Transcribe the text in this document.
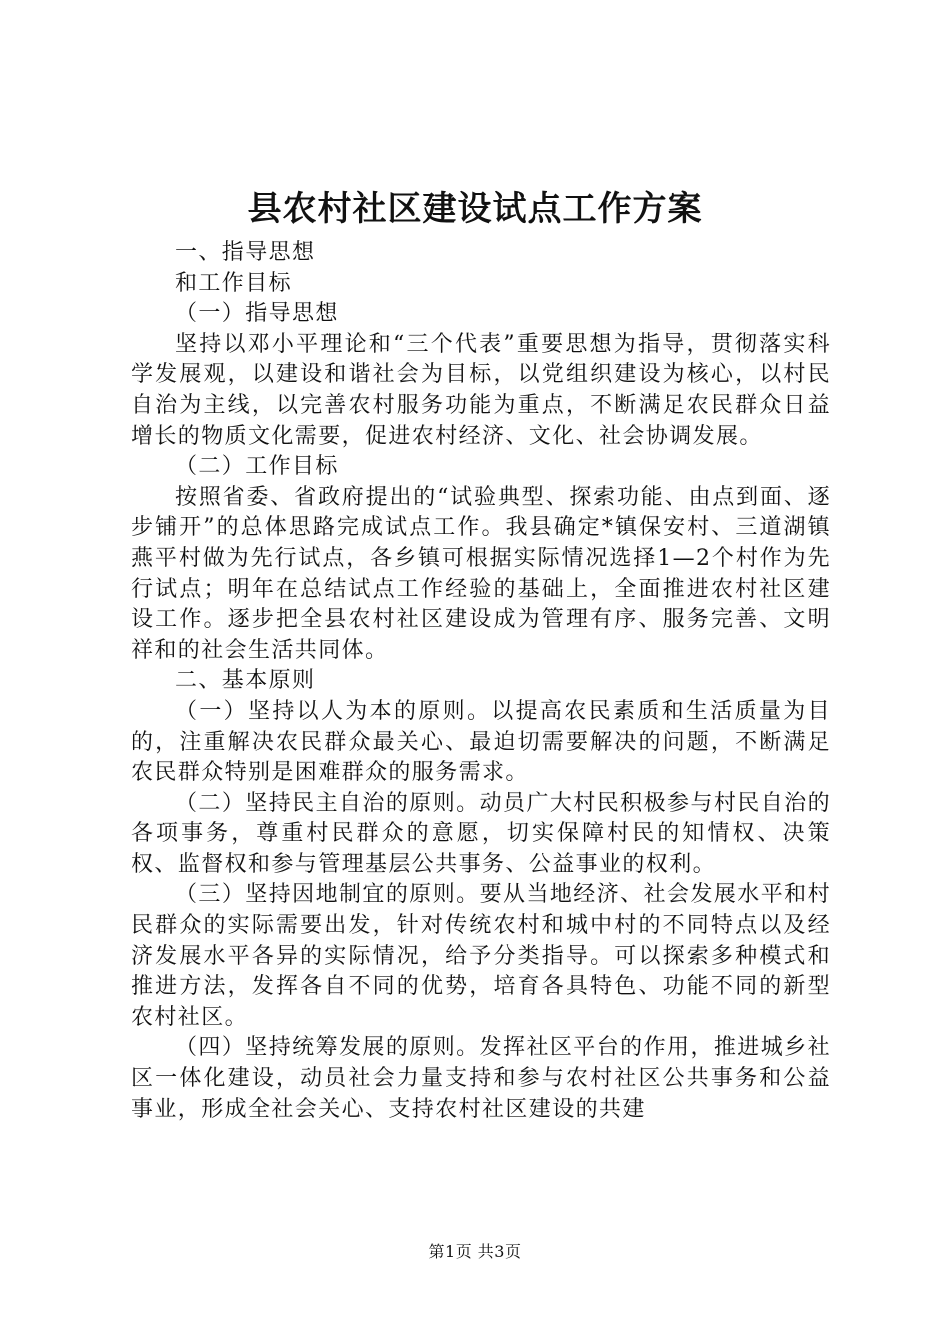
县农村社区建设试点工作方案

一、指导思想

和工作目标

（一）指导思想

坚持以邓小平理论和“三个代表”重要思想为指导，贯彻落实科学发展观，以建设和谐社会为目标，以党组织建设为核心，以村民自治为主线，以完善农村服务功能为重点，不断满足农民群众日益增长的物质文化需要，促进农村经济、文化、社会协调发展。

（二）工作目标

按照省委、省政府提出的“试验典型、探索功能、由点到面、逐步铺开”的总体思路完成试点工作。我县确定*镇保安村、三道湖镇燕平村做为先行试点，各乡镇可根据实际情况选择1—2个村作为先行试点；明年在总结试点工作经验的基础上，全面推进农村社区建设工作。逐步把全县农村社区建设成为管理有序、服务完善、文明祥和的社会生活共同体。

二、基本原则

（一）坚持以人为本的原则。以提高农民素质和生活质量为目的，注重解决农民群众最关心、最迫切需要解决的问题，不断满足农民群众特别是困难群众的服务需求。

（二）坚持民主自治的原则。动员广大村民积极参与村民自治的各项事务，尊重村民群众的意愿，切实保障村民的知情权、决策权、监督权和参与管理基层公共事务、公益事业的权利。

（三）坚持因地制宜的原则。要从当地经济、社会发展水平和村民群众的实际需要出发，针对传统农村和城中村的不同特点以及经济发展水平各异的实际情况，给予分类指导。可以探索多种模式和推进方法，发挥各自不同的优势，培育各具特色、功能不同的新型农村社区。

（四）坚持统筹发展的原则。发挥社区平台的作用，推进城乡社区一体化建设，动员社会力量支持和参与农村社区公共事务和公益事业，形成全社会关心、支持农村社区建设的共建

第1页 共3页
